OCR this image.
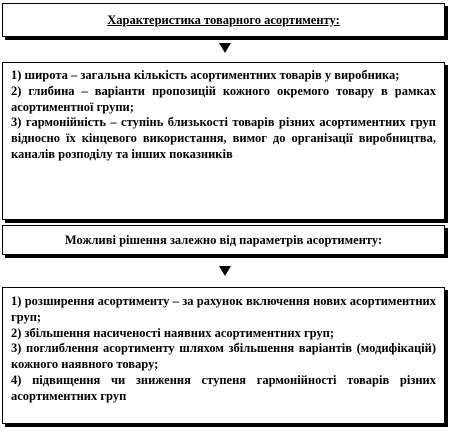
Характеристика товарного асортименту:

1) широта – загальна кількість асортиментних товарів у виробника;

2) глибина – варіанти пропозицій кожного окремого товару в рамках асортиментної групи;

3) гармонійність – ступінь близькості товарів різних асортиментних груп відносно їх кінцевого використання, вимог до організації виробництва, каналів розподілу та інших показників

Можливі рішення залежно від параметрів асортименту:

1) розширення асортименту – за рахунок включення нових асортиментних груп;

2) збільшення насиченості наявних асортиментних груп;

3) поглиблення асортименту шляхом збільшення варіантів (модифікацій) кожного наявного товару;

4) підвищення чи зниження ступеня гармонійності товарів різних асортиментних груп
